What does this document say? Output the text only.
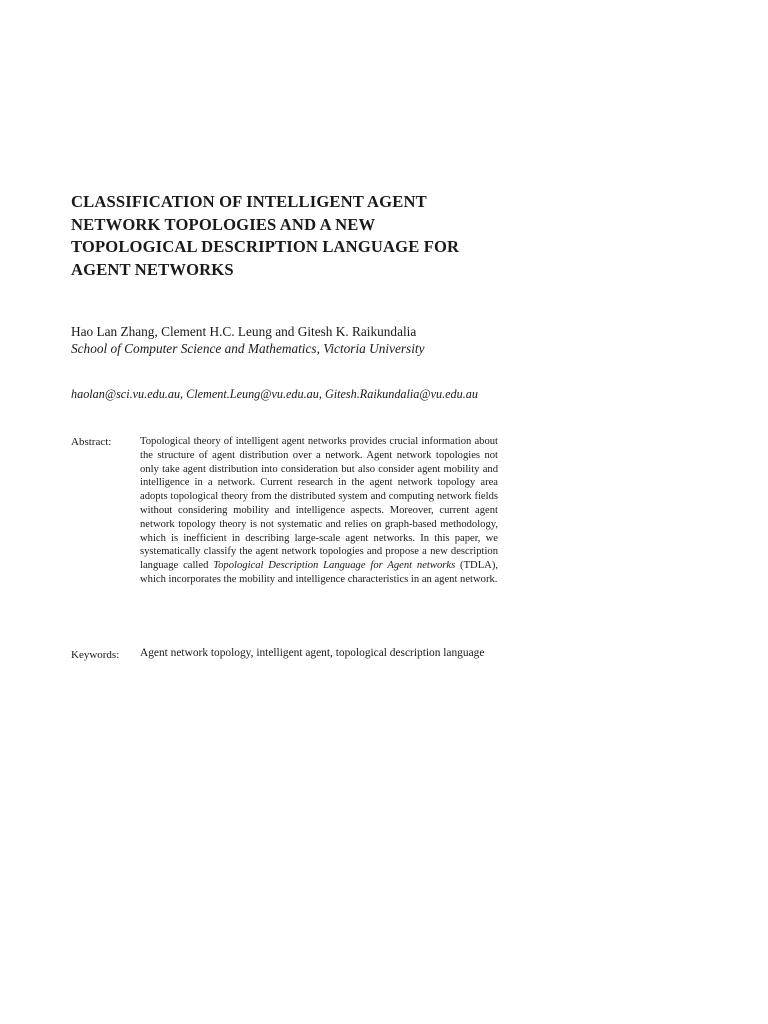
CLASSIFICATION OF INTELLIGENT AGENT
NETWORK TOPOLOGIES AND A NEW
TOPOLOGICAL DESCRIPTION LANGUAGE FOR
AGENT NETWORKS
Hao Lan Zhang, Clement H.C. Leung and Gitesh K. Raikundalia
School of Computer Science and Mathematics, Victoria University
haolan@sci.vu.edu.au, Clement.Leung@vu.edu.au, Gitesh.Raikundalia@vu.edu.au
Abstract:	Topological theory of intelligent agent networks provides crucial information about the structure of agent distribution over a network. Agent network topologies not only take agent distribution into consideration but also consider agent mobility and intelligence in a network. Current research in the agent network topology area adopts topological theory from the distributed system and computing network fields without considering mobility and intelligence aspects. Moreover, current agent network topology theory is not systematic and relies on graph-based methodology, which is inefficient in describing large-scale agent networks. In this paper, we systematically classify the agent network topologies and propose a new description language called Topological Description Language for Agent networks (TDLA), which incorporates the mobility and intelligence characteristics in an agent network.

Keywords: Agent network topology, intelligent agent, topological description language
